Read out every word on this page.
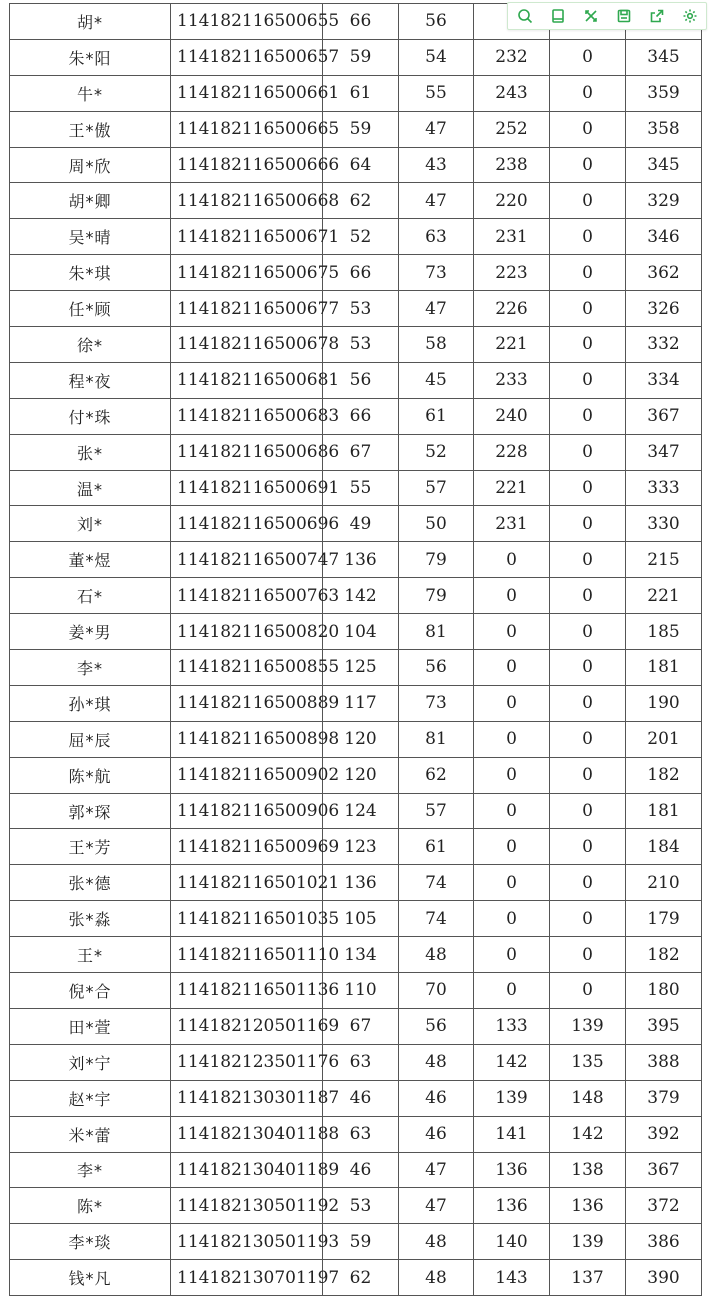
胡*	114182116500655	66	56			
朱*阳	114182116500657	59	54	232	0	345
牛*	114182116500661	61	55	243	0	359
王*傲	114182116500665	59	47	252	0	358
周*欣	114182116500666	64	43	238	0	345
胡*卿	114182116500668	62	47	220	0	329
吴*晴	114182116500671	52	63	231	0	346
朱*琪	114182116500675	66	73	223	0	362
任*顾	114182116500677	53	47	226	0	326
徐*	114182116500678	53	58	221	0	332
程*夜	114182116500681	56	45	233	0	334
付*珠	114182116500683	66	61	240	0	367
张*	114182116500686	67	52	228	0	347
温*	114182116500691	55	57	221	0	333
刘*	114182116500696	49	50	231	0	330
董*煜	114182116500747	136	79	0	0	215
石*	114182116500763	142	79	0	0	221
姜*男	114182116500820	104	81	0	0	185
李*	114182116500855	125	56	0	0	181
孙*琪	114182116500889	117	73	0	0	190
屈*辰	114182116500898	120	81	0	0	201
陈*航	114182116500902	120	62	0	0	182
郭*琛	114182116500906	124	57	0	0	181
王*芳	114182116500969	123	61	0	0	184
张*德	114182116501021	136	74	0	0	210
张*淼	114182116501035	105	74	0	0	179
王*	114182116501110	134	48	0	0	182
倪*合	114182116501136	110	70	0	0	180
田*萱	114182120501169	67	56	133	139	395
刘*宁	114182123501176	63	48	142	135	388
赵*宇	114182130301187	46	46	139	148	379
米*蕾	114182130401188	63	46	141	142	392
李*	114182130401189	46	47	136	138	367
陈*	114182130501192	53	47	136	136	372
李*琰	114182130501193	59	48	140	139	386
钱*凡	114182130701197	62	48	143	137	390
